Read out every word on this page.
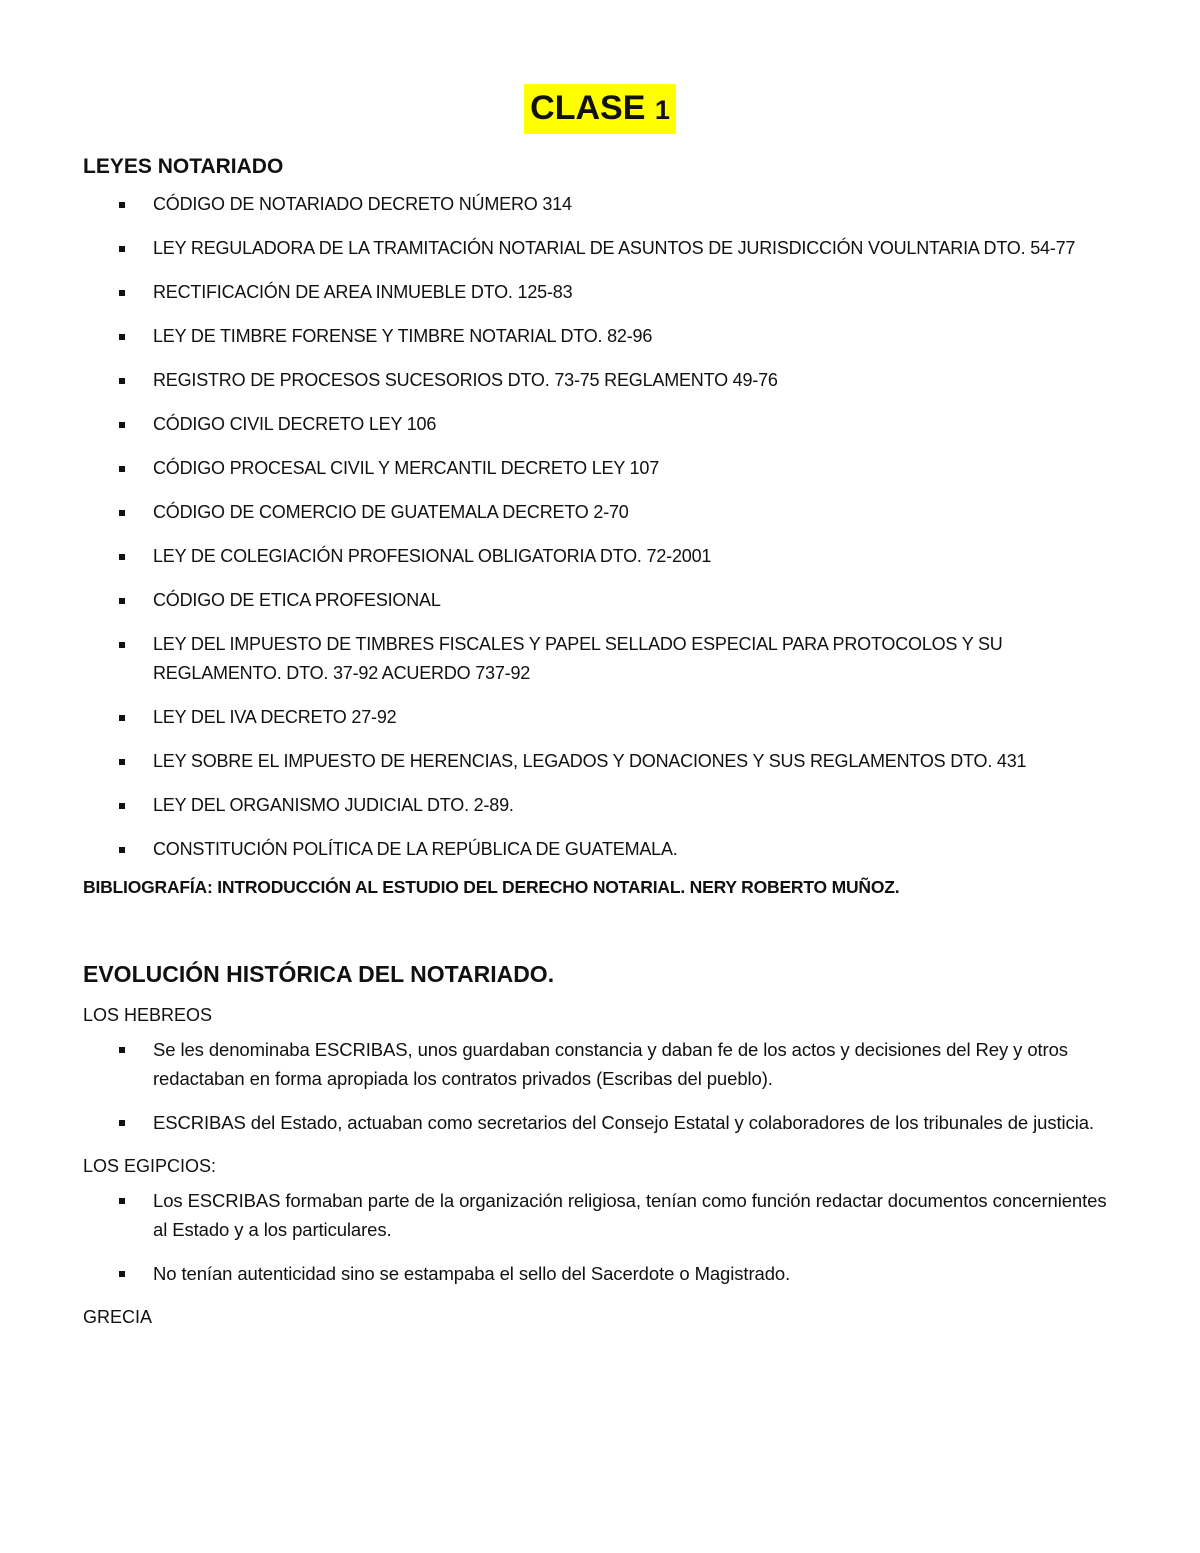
CLASE 1
LEYES NOTARIADO
CÓDIGO DE NOTARIADO DECRETO NÚMERO 314
LEY REGULADORA DE LA TRAMITACIÓN NOTARIAL DE ASUNTOS DE JURISDICCIÓN VOULNTARIA DTO. 54-77
RECTIFICACIÓN DE AREA INMUEBLE DTO. 125-83
LEY DE TIMBRE FORENSE Y TIMBRE NOTARIAL DTO. 82-96
REGISTRO DE PROCESOS SUCESORIOS DTO. 73-75 REGLAMENTO 49-76
CÓDIGO CIVIL DECRETO LEY 106
CÓDIGO PROCESAL CIVIL Y MERCANTIL DECRETO LEY 107
CÓDIGO DE COMERCIO DE GUATEMALA DECRETO 2-70
LEY DE COLEGIACIÓN PROFESIONAL OBLIGATORIA DTO. 72-2001
CÓDIGO DE ETICA PROFESIONAL
LEY DEL IMPUESTO DE TIMBRES FISCALES Y PAPEL SELLADO ESPECIAL PARA PROTOCOLOS Y SU REGLAMENTO. DTO. 37-92 ACUERDO 737-92
LEY DEL IVA DECRETO 27-92
LEY SOBRE EL IMPUESTO DE HERENCIAS, LEGADOS Y DONACIONES Y SUS REGLAMENTOS DTO. 431
LEY DEL ORGANISMO JUDICIAL DTO. 2-89.
CONSTITUCIÓN POLÍTICA DE LA REPÚBLICA DE GUATEMALA.
BIBLIOGRAFÍA: INTRODUCCIÓN AL ESTUDIO DEL DERECHO NOTARIAL. NERY ROBERTO MUÑOZ.
EVOLUCIÓN HISTÓRICA DEL NOTARIADO.
LOS HEBREOS
Se les denominaba ESCRIBAS, unos guardaban constancia y daban fe de los actos y decisiones del Rey y otros redactaban en forma apropiada los contratos privados (Escribas del pueblo).
ESCRIBAS del Estado, actuaban como secretarios del Consejo Estatal y colaboradores de los tribunales de justicia.
LOS EGIPCIOS:
Los ESCRIBAS formaban parte de la organización religiosa, tenían como función redactar documentos concernientes al Estado y a los particulares.
No tenían autenticidad sino se estampaba el sello del Sacerdote o Magistrado.
GRECIA
